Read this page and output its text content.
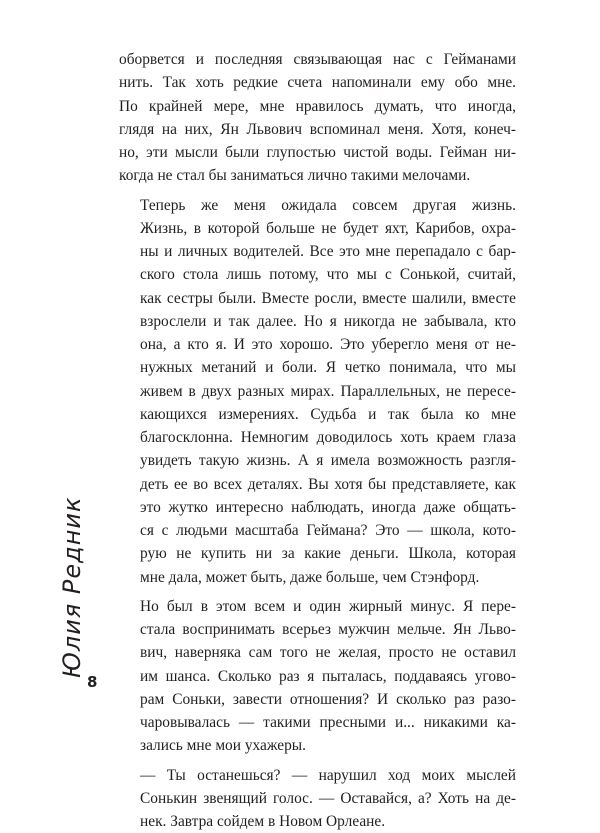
оборвется и последняя связывающая нас с Гейманами
нить. Так хоть редкие счета напоминали ему обо мне.
По крайней мере, мне нравилось думать, что иногда,
глядя на них, Ян Львович вспоминал меня. Хотя, конеч-
но, эти мысли были глупостью чистой воды. Гейман ни-
когда не стал бы заниматься лично такими мелочами.

Теперь же меня ожидала совсем другая жизнь.
Жизнь, в которой больше не будет яхт, Карибов, охра-
ны и личных водителей. Все это мне перепадало с бар-
ского стола лишь потому, что мы с Сонькой, считай,
как сестры были. Вместе росли, вместе шалили, вместе
взрослели и так далее. Но я никогда не забывала, кто
она, а кто я. И это хорошо. Это уберегло меня от не-
нужных метаний и боли. Я четко понимала, что мы
живем в двух разных мирах. Параллельных, не пересе-
кающихся измерениях. Судьба и так была ко мне
благосклонна. Немногим доводилось хоть краем глаза
увидеть такую жизнь. А я имела возможность разгля-
деть ее во всех деталях. Вы хотя бы представляете, как
это жутко интересно наблюдать, иногда даже общать-
ся с людьми масштаба Геймана? Это — школа, кото-
рую не купить ни за какие деньги. Школа, которая
мне дала, может быть, даже больше, чем Стэнфорд.

Но был в этом всем и один жирный минус. Я пере-
стала воспринимать всерьез мужчин мельче. Ян Льво-
вич, наверняка сам того не желая, просто не оставил
им шанса. Сколько раз я пыталась, поддаваясь угово-
рам Соньки, завести отношения? И сколько раз разо-
чаровывалась — такими пресными и... никакими ка-
зались мне мои ухажеры.

— Ты останешься? — нарушил ход моих мыслей
Сонькин звенящий голос. — Оставайся, а? Хоть на де-
нек. Завтра сойдем в Новом Орлеане.

Юлия Редник
8
